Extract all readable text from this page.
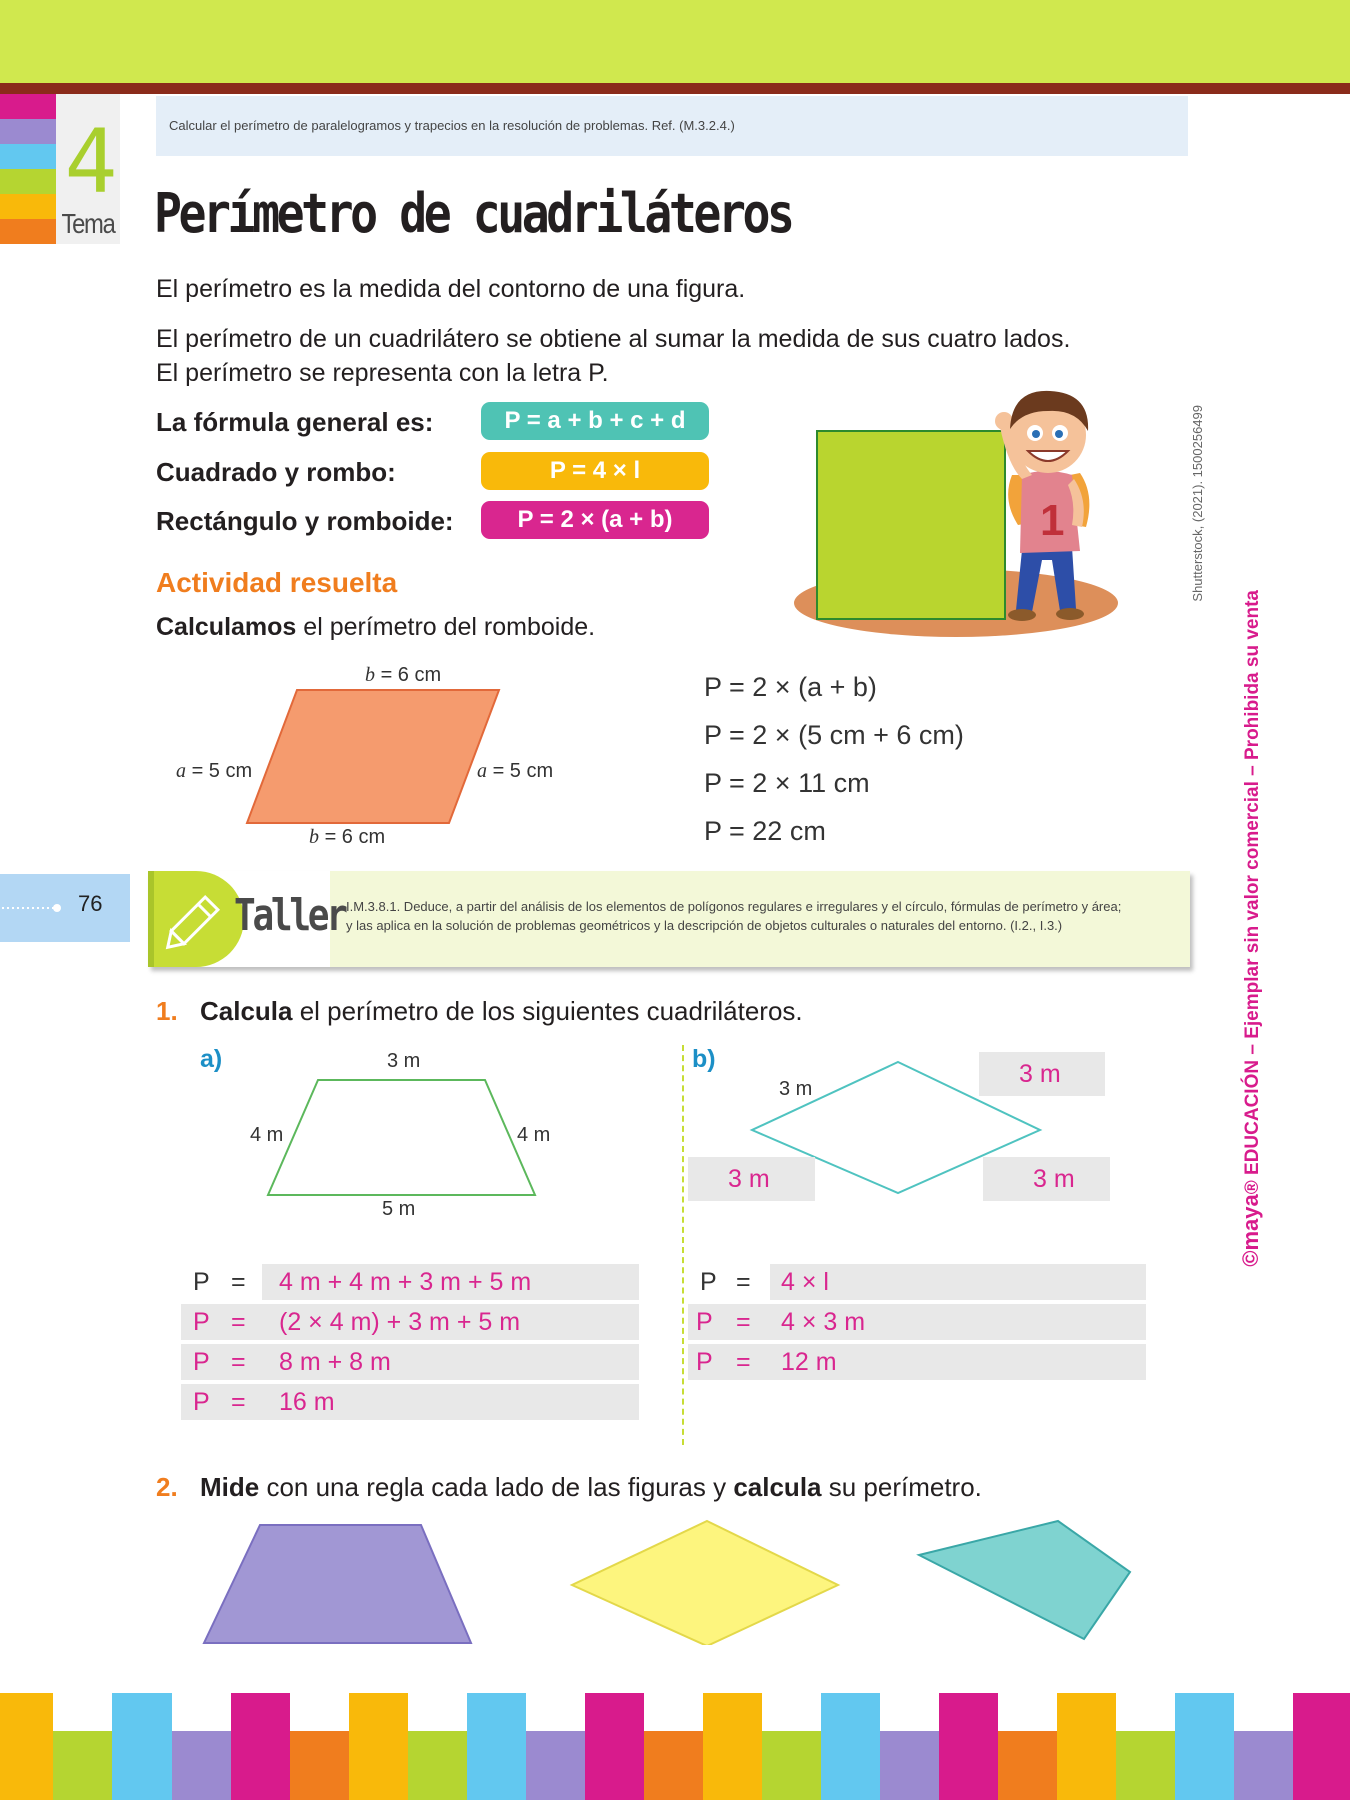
4
Tema
Calcular el perímetro de paralelogramos y trapecios en la resolución de problemas. Ref. (M.3.2.4.)
Perímetro de cuadriláteros
El perímetro es la medida del contorno de una figura.
El perímetro de un cuadrilátero se obtiene al sumar la medida de sus cuatro lados.
El perímetro se representa con la letra P.
La fórmula general es:	P = a + b + c + d
Cuadrado y rombo:	P = 4 × l
Rectángulo y romboide:	P = 2 × (a + b)	1	Shutterstock, (2021). 1500256499
Actividad resuelta
Calculamos el perímetro del romboide.
b = 6 cm
b = 6 cm
a = 5 cm	a = 5 cm
P = 2 × (a + b)
P = 2 × (5 cm + 6 cm)
P = 2 × 11 cm
P = 22 cm
76	Taller I.M.3.8.1. Deduce, a partir del análisis de los elementos de polígonos regulares e irregulares y el círculo, fórmulas de perímetro y área;
y las aplica en la solución de problemas geométricos y la descripción de objetos culturales o naturales del entorno. (I.2., I.3.)
1. Calcula el perímetro de los siguientes cuadriláteros.
a)	3 m
4 m	4 m
5 m
P = 4 m + 4 m + 3 m + 5 m
P = (2 × 4 m) + 3 m + 5 m
P = 8 m + 8 m
P = 16 m
b)
3 m
3 m
3 m	3 m
P = 4 × l
P = 4 × 3 m
P = 12 m
2. Mide con una regla cada lado de las figuras y calcula su perímetro.
©maya® EDUCACIÓN – Ejemplar sin valor comercial – Prohibida su venta
